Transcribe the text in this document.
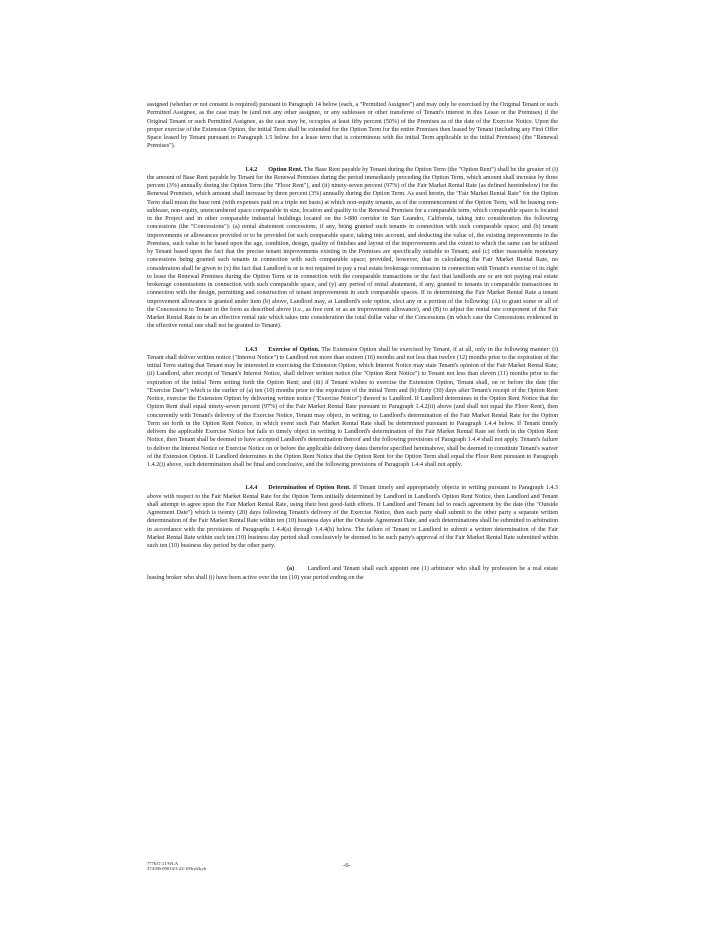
assigned (whether or not consent is required) pursuant to Paragraph 14 below (each, a "Permitted Assignee") and may only be exercised by the Original Tenant or such Permitted Assignee, as the case may be (and not any other assignee, or any sublessee or other transferee of Tenant's interest in this Lease or the Premises) if the Original Tenant or such Permitted Assignee, as the case may be, occupies at least fifty percent (50%) of the Premises as of the date of the Exercise Notice. Upon the proper exercise of the Extension Option, the initial Term shall be extended for the Option Term for the entire Premises then leased by Tenant (including any First Offer Space leased by Tenant pursuant to Paragraph 1.5 below for a lease term that is coterminous with the initial Term applicable to the initial Premises) (the "Renewal Premises").

1.4.2 Option Rent. The Base Rent payable by Tenant during the Option Term (the "Option Rent") shall be the greater of (i) the amount of Base Rent payable by Tenant for the Renewal Premises during the period immediately preceding the Option Term, which amount shall increase by three percent (3%) annually during the Option Term (the "Floor Rent"), and (ii) ninety-seven percent (97%) of the Fair Market Rental Rate (as defined hereinbelow) for the Renewal Premises, which amount shall increase by three percent (3%) annually during the Option Term. As used herein, the "Fair Market Rental Rate" for the Option Term shall mean the base rent (with expenses paid on a triple net basis) at which non-equity tenants, as of the commencement of the Option Term, will be leasing non-sublease, non-equity, unencumbered space comparable in size, location and quality to the Renewal Premises for a comparable term, which comparable space is located in the Project and in other comparable industrial buildings located on the I-880 corridor in San Leandro, California, taking into consideration the following concessions (the "Concessions"): (a) rental abatement concessions, if any, being granted such tenants in connection with such comparable space; and (b) tenant improvements or allowances provided or to be provided for such comparable space, taking into account, and deducting the value of, the existing improvements in the Premises, such value to be based upon the age, condition, design, quality of finishes and layout of the improvements and the extent to which the same can be utilized by Tenant based upon the fact that the precise tenant improvements existing in the Premises are specifically suitable to Tenant; and (c) other reasonable monetary concessions being granted such tenants in connection with such comparable space; provided, however, that in calculating the Fair Market Rental Rate, no consideration shall be given to (x) the fact that Landlord is or is not required to pay a real estate brokerage commission in connection with Tenant's exercise of its right to lease the Renewal Premises during the Option Term or in connection with the comparable transactions or the fact that landlords are or are not paying real estate brokerage commissions in connection with such comparable space, and (y) any period of rental abatement, if any, granted to tenants in comparable transactions in connection with the design, permitting and construction of tenant improvements in such comparable spaces. If in determining the Fair Market Rental Rate a tenant improvement allowance is granted under item (b) above, Landlord may, at Landlord's sole option, elect any or a portion of the following: (A) to grant some or all of the Concessions to Tenant in the form as described above (i.e., as free rent or as an improvement allowance), and (B) to adjust the rental rate component of the Fair Market Rental Rate to be an effective rental rate which takes into consideration the total dollar value of the Concessions (in which case the Concessions evidenced in the effective rental rate shall not be granted to Tenant).

1.4.3 Exercise of Option. The Extension Option shall be exercised by Tenant, if at all, only in the following manner: (i) Tenant shall deliver written notice ("Interest Notice") to Landlord not more than sixteen (16) months and not less than twelve (12) months prior to the expiration of the initial Term stating that Tenant may be interested in exercising the Extension Option, which Interest Notice may state Tenant's opinion of the Fair Market Rental Rate; (ii) Landlord, after receipt of Tenant's Interest Notice, shall deliver written notice (the "Option Rent Notice") to Tenant not less than eleven (11) months prior to the expiration of the initial Term setting forth the Option Rent; and (iii) if Tenant wishes to exercise the Extension Option, Tenant shall, on or before the date (the "Exercise Date") which is the earlier of (a) ten (10) months prior to the expiration of the initial Term and (b) thirty (30) days after Tenant's receipt of the Option Rent Notice, exercise the Extension Option by delivering written notice ("Exercise Notice") thereof to Landlord. If Landlord determines in the Option Rent Notice that the Option Rent shall equal ninety-seven percent (97%) of the Fair Market Rental Rate pursuant to Paragraph 1.4.2(ii) above (and shall not equal the Floor Rent), then concurrently with Tenant's delivery of the Exercise Notice, Tenant may object, in writing, to Landlord's determination of the Fair Market Rental Rate for the Option Term set forth in the Option Rent Notice, in which event such Fair Market Rental Rate shall be determined pursuant to Paragraph 1.4.4 below. If Tenant timely delivers the applicable Exercise Notice but fails to timely object in writing to Landlord's determination of the Fair Market Rental Rate set forth in the Option Rent Notice, then Tenant shall be deemed to have accepted Landlord's determination thereof and the following provisions of Paragraph 1.4.4 shall not apply. Tenant's failure to deliver the Interest Notice or Exercise Notice on or before the applicable delivery dates therefor specified hereinabove, shall be deemed to constitute Tenant's waiver of the Extension Option. If Landlord determines in the Option Rent Notice that the Option Rent for the Option Term shall equal the Floor Rent pursuant to Paragraph 1.4.2(i) above, such determination shall be final and conclusive, and the following provisions of Paragraph 1.4.4 shall not apply.

1.4.4 Determination of Option Rent. If Tenant timely and appropriately objects in writing pursuant to Paragraph 1.4.3 above with respect to the Fair Market Rental Rate for the Option Term initially determined by Landlord in Landlord's Option Rent Notice, then Landlord and Tenant shall attempt to agree upon the Fair Market Rental Rate, using their best good-faith efforts. If Landlord and Tenant fail to reach agreement by the date (the "Outside Agreement Date") which is twenty (20) days following Tenant's delivery of the Exercise Notice, then each party shall submit to the other party a separate written determination of the Fair Market Rental Rate within ten (10) business days after the Outside Agreement Date, and such determinations shall be submitted to arbitration in accordance with the provisions of Paragraphs 1.4.4(a) through 1.4.4(h) below. The failure of Tenant or Landlord to submit a written determination of the Fair Market Rental Rate within such ten (10) business day period shall conclusively be deemed to be such party's approval of the Fair Market Rental Rate submitted within such ten (10) business day period by the other party.

(a) Landlord and Tenant shall each appoint one (1) arbitrator who shall by profession be a real estate leasing broker who shall (i) have been active over the ten (10) year period ending on the

777637.11/WLA
374186-00014/3-22-18/kyh/kyh	-6-
